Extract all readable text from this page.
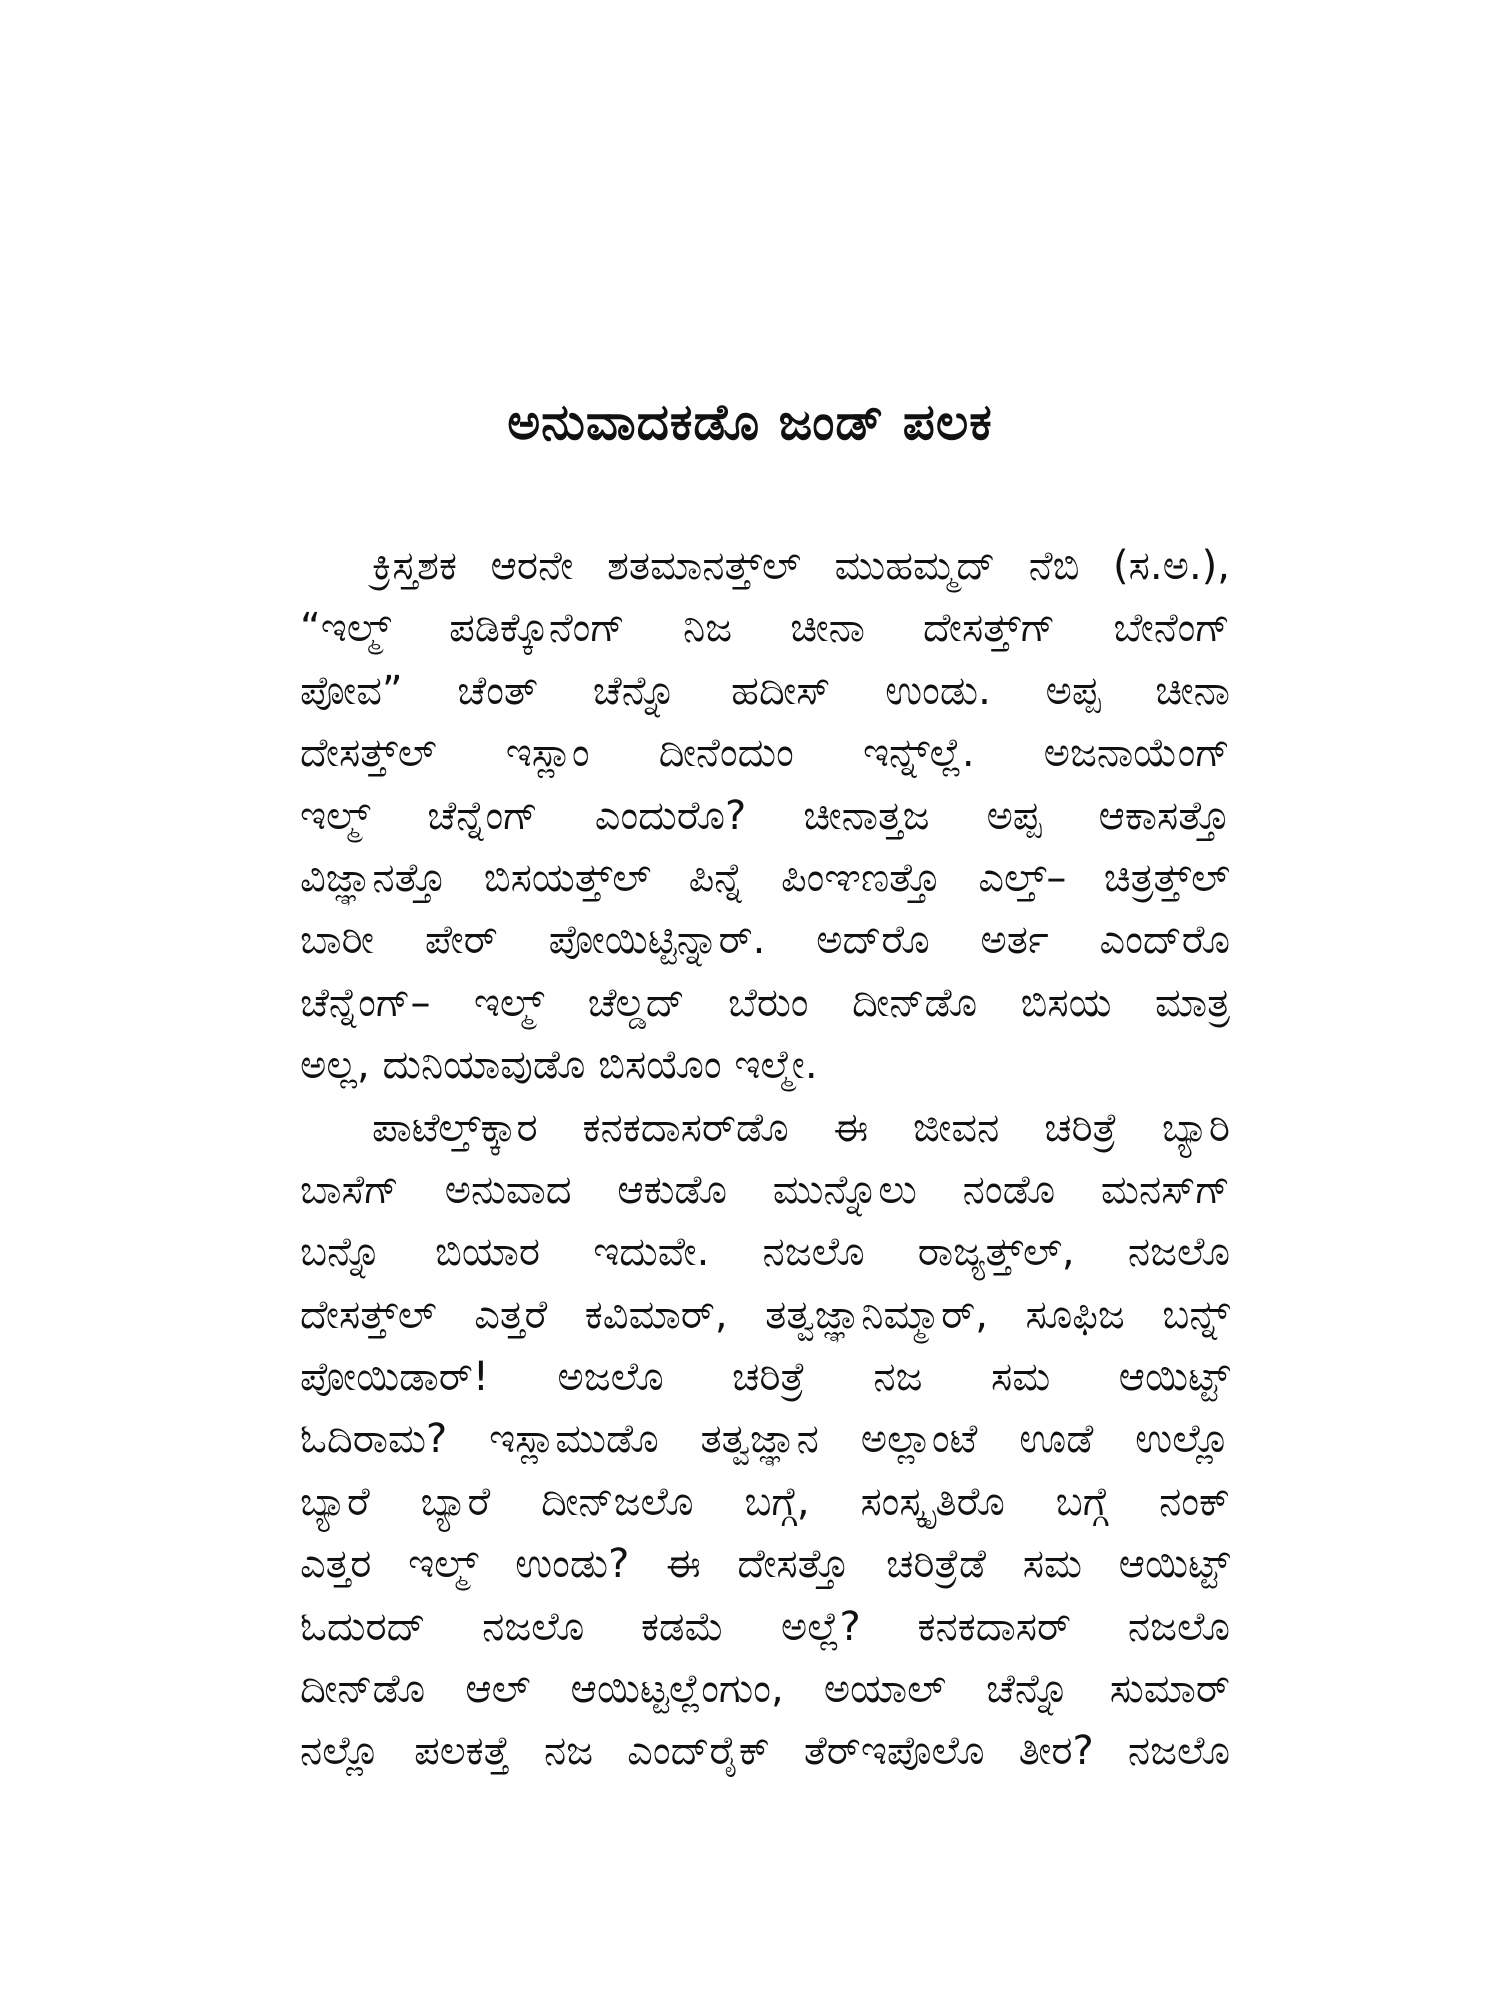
ಅನುವಾದಕಡೊ ಜಂಡ್ ಪಲಕ
ಕ್ರಿಸ್ತಶಕ ಆರನೇ ಶತಮಾನತ್ತ್‌ಲ್ ಮುಹಮ್ಮದ್ ನೆಬಿ (ಸ.ಅ.),
“ಇಲ್ಮ್ ಪಡಿಕ್ಕೊನೆಂಗ್ ನಿಜ ಚೀನಾ ದೇಸತ್ತ್‌ಗ್ ಬೇನೆಂಗ್
ಪೋವ” ಚೆಂತ್ ಚೆನ್ನೊ ಹದೀಸ್ ಉಂಡು. ಅಪ್ಪ ಚೀನಾ
ದೇಸತ್ತ್‌ಲ್ ಇಸ್ಲಾಂ ದೀನೆಂದುಂ ಇನ್ನ್‌ಲ್ಲೆ. ಅಜನಾಯೆಂಗ್
ಇಲ್ಮ್ ಚೆನ್ನೆಂಗ್ ಎಂದುರೊ? ಚೀನಾತ್ತಜ ಅಪ್ಪ ಆಕಾಸತ್ತೊ
ವಿಜ್ಞಾನತ್ತೊ ಬಿಸಯತ್ತ್‌ಲ್ ಪಿನ್ನೆ ಪಿಂಞಣತ್ತೊ ಎಲ್ತ್– ಚಿತ್ರತ್ತ್‌ಲ್
ಬಾರೀ ಪೇರ್ ಪೋಯಿಟ್ಟಿನ್ನಾರ್. ಅದ್‌ರೊ ಅರ್ತ ಎಂದ್‌ರೊ
ಚೆನ್ನೆಂಗ್– ಇಲ್ಮ್ ಚೆಲ್ಡದ್ ಬೆರುಂ ದೀನ್‌ಡೊ ಬಿಸಯ ಮಾತ್ರ
ಅಲ್ಲ, ದುನಿಯಾವುಡೊ ಬಿಸಯೊಂ ಇಲ್ಮೇ.
ಪಾಟೆಲ್ತ್‌ಕ್ಕಾರ ಕನಕದಾಸರ್‌ಡೊ ಈ ಜೀವನ ಚರಿತ್ರೆ ಬ್ಯಾರಿ
ಬಾಸೆಗ್ ಅನುವಾದ ಆಕುಡೊ ಮುನ್ನೊಲು ನಂಡೊ ಮನಸ್‌ಗ್
ಬನ್ನೊ ಬಿಯಾರ ಇದುವೇ. ನಜಲೊ ರಾಜ್ಯತ್ತ್‌ಲ್, ನಜಲೊ
ದೇಸತ್ತ್‌ಲ್ ಎತ್ತರೆ ಕವಿಮಾರ್, ತತ್ವಜ್ಞಾನಿಮ್ಮಾರ್, ಸೂಫಿಜ ಬನ್ನ್
ಪೋಯಿಡಾರ್! ಅಜಲೊ ಚರಿತ್ರೆ ನಜ ಸಮ ಆಯಿಟ್ಟ್
ಓದಿರಾಮ? ಇಸ್ಲಾಮುಡೊ ತತ್ವಜ್ಞಾನ ಅಲ್ಲಾಂಟೆ ಊಡೆ ಉಲ್ಲೊ
ಬ್ಯಾರೆ ಬ್ಯಾರೆ ದೀನ್‌ಜಲೊ ಬಗ್ಗೆ, ಸಂಸ್ಕೃತಿರೊ ಬಗ್ಗೆ ನಂಕ್
ಎತ್ತರ ಇಲ್ಮ್ ಉಂಡು? ಈ ದೇಸತ್ತೊ ಚರಿತ್ರೆಡೆ ಸಮ ಆಯಿಟ್ಟ್
ಓದುರದ್ ನಜಲೊ ಕಡಮೆ ಅಲ್ಲೆ? ಕನಕದಾಸರ್ ನಜಲೊ
ದೀನ್‌ಡೊ ಆಲ್ ಆಯಿಟ್ಟಲ್ಲೆಂಗುಂ, ಅಯಾಲ್ ಚೆನ್ನೊ ಸುಮಾರ್
ನಲ್ಲೊ ಪಲಕತ್ತೆ ನಜ ಎಂದ್‌ರೈಕ್ ತೆರ್‌ಇಪೊಲೊ ತೀರ? ನಜಲೊ
